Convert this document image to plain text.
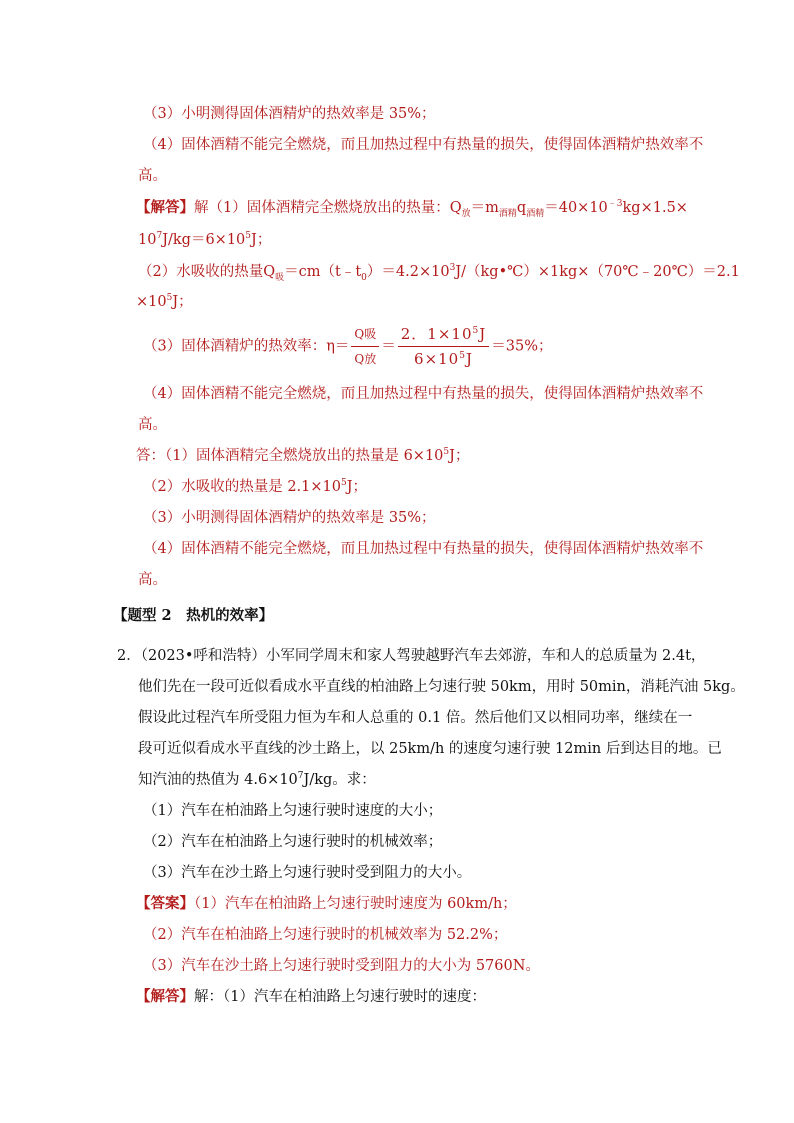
（3）小明测得固体酒精炉的热效率是 35%；
（4）固体酒精不能完全燃烧，而且加热过程中有热量的损失，使得固体酒精炉热效率不
高。
【解答】解（1）固体酒精完全燃烧放出的热量：$Q_放=m_{酒精}q_{酒精}=40\times 10^{﹣3}kg\times 1.5\times$
$10^7J/kg=6\times 10^5J$；
（2）水吸收的热量$Q_吸=cm(t﹣t_0)=4.2\times 10^3J/(kg•℃)\times 1kg\times(70℃﹣20℃)=2.1$
$\times 10^5J$；
（3）固体酒精炉的热效率：$\eta= \frac{\text{Q吸}}{\text{Q放}} = \frac{2.1\times 10^5J}{6\times 10^5J} =35\%$；
（4）固体酒精不能完全燃烧，而且加热过程中有热量的损失，使得固体酒精炉热效率不
高。
答：（1）固体酒精完全燃烧放出的热量是 $6\times 10^5J$；
（2）水吸收的热量是 $2.1\times 10^5J$；
（3）小明测得固体酒精炉的热效率是 35%；
（4）固体酒精不能完全燃烧，而且加热过程中有热量的损失，使得固体酒精炉热效率不
高。
【题型 2　热机的效率】
2．（2023•呼和浩特）小军同学周末和家人驾驶越野汽车去郊游，车和人的总质量为 2.4t，
他们先在一段可近似看成水平直线的柏油路上匀速行驶 50km，用时 50min，消耗汽油 5kg。
假设此过程汽车所受阻力恒为车和人总重的 0.1 倍。然后他们又以相同功率，继续在一
段可近似看成水平直线的沙土路上，以 25km/h 的速度匀速行驶 12min 后到达目的地。已
知汽油的热值为 $4.6\times 10^7J/kg$。求：
（1）汽车在柏油路上匀速行驶时速度的大小；
（2）汽车在柏油路上匀速行驶时的机械效率；
（3）汽车在沙土路上匀速行驶时受到阻力的大小。
【答案】（1）汽车在柏油路上匀速行驶时速度为 60km/h；
（2）汽车在柏油路上匀速行驶时的机械效率为 52.2%；
（3）汽车在沙土路上匀速行驶时受到阻力的大小为 5760N。
【解答】解：（1）汽车在柏油路上匀速行驶时的速度：
